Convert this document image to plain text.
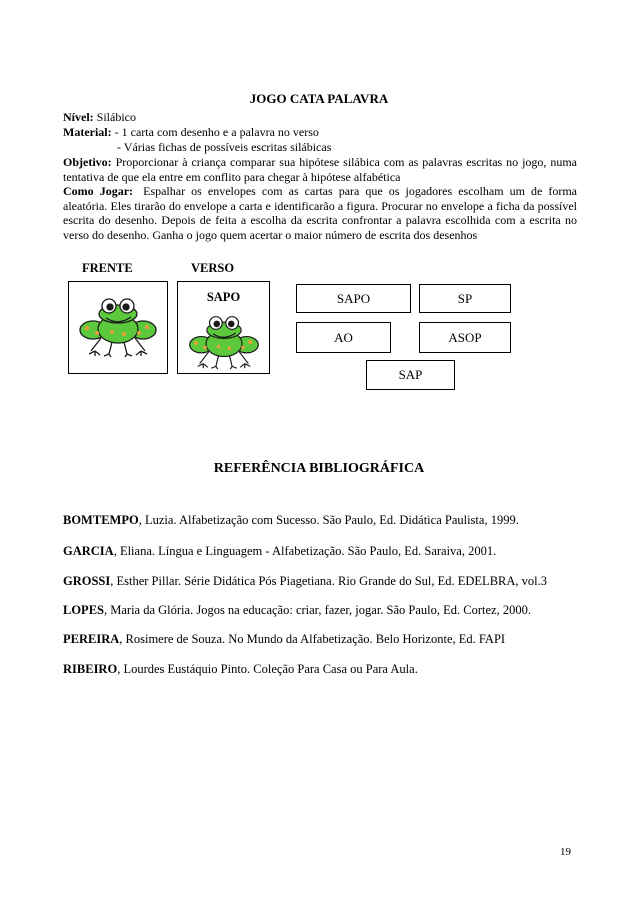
JOGO CATA PALAVRA
Nível: Silábico
Material: - 1 carta com desenho e a palavra no verso
- Várias fichas de possíveis escritas silábicas
Objetivo: Proporcionar à criança comparar sua hipótese silábica com as palavras escritas no jogo, numa tentativa de que ela entre em conflito para chegar à hipótese alfabética
Como Jogar: Espalhar os envelopes com as cartas para que os jogadores escolham um de forma aleatória. Eles tirarão do envelope a carta e identificarão a figura. Procurar no envelope a ficha da possível escrita do desenho. Depois de feita a escolha da escrita confrontar a palavra escolhida com a escrita no verso do desenho. Ganha o jogo quem acertar o maior número de escrita dos desenhos
FRENTE	VERSO
SAPO	SAPO	SP
AO	ASOP
SAP
REFERÊNCIA BIBLIOGRÁFICA
BOMTEMPO, Luzia. Alfabetização com Sucesso. São Paulo, Ed. Didática Paulista, 1999.
GARCIA, Eliana. Língua e Linguagem - Alfabetização. São Paulo, Ed. Saraiva, 2001.
GROSSI, Esther Pillar. Série Didática Pós Piagetiana. Rio Grande do Sul, Ed. EDELBRA, vol.3
LOPES, Maria da Glória. Jogos na educação: criar, fazer, jogar. São Paulo, Ed. Cortez, 2000.
PEREIRA, Rosimere de Souza. No Mundo da Alfabetização. Belo Horizonte, Ed. FAPI
RIBEIRO, Lourdes Eustáquio Pinto. Coleção Para Casa ou Para Aula.
19
